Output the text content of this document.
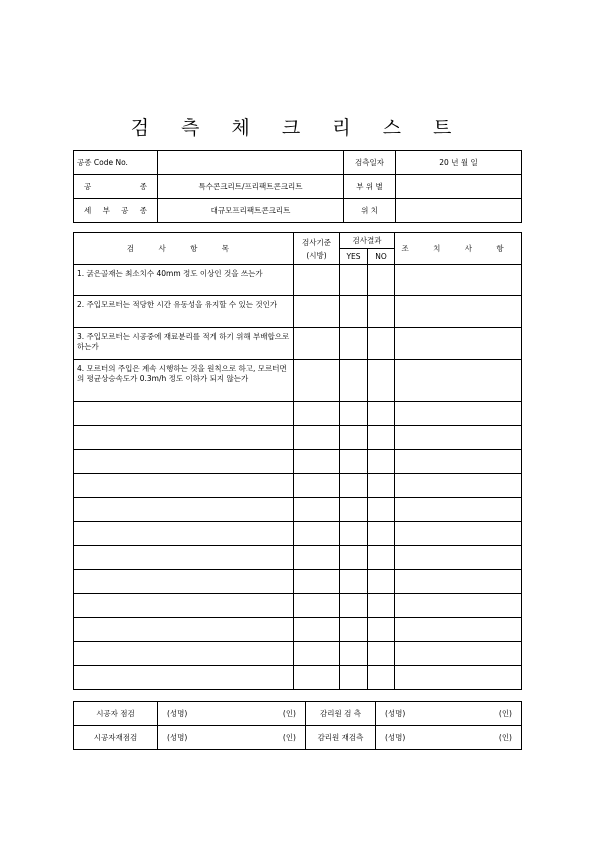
검 측 체 크 리 스 트
공종 Code No.		검측일자	20 년 월 일
공 종	특수콘크리트/프리팩트콘크리트	부 위 별	
세 부 공 종	대규모프리팩트콘크리트	위 치	
검 사 항 목	검사기준 (시방)	검사결과		조 치 사 항
		YES	NO	
1. 굵은골재는 최소치수 40mm 정도 이상인 것을 쓰는가				
2. 주입모르터는 적당한 시간 유동성을 유지할 수 있는 것인가				
3. 주입모르터는 시공중에 재료분리를 적게 하기 위해 부배합으로 하는가				
4. 모르터의 주입은 계속 시행하는 것을 원칙으로 하고, 모르터면의 평균상승속도가 0.3m/h 정도 이하가 되지 않는가				

시공자 점검	(성명) (인)	감리원 검 측	(성명) (인)

시공자재점검	(성명) (인)	감리원 재검측	(성명) (인)
